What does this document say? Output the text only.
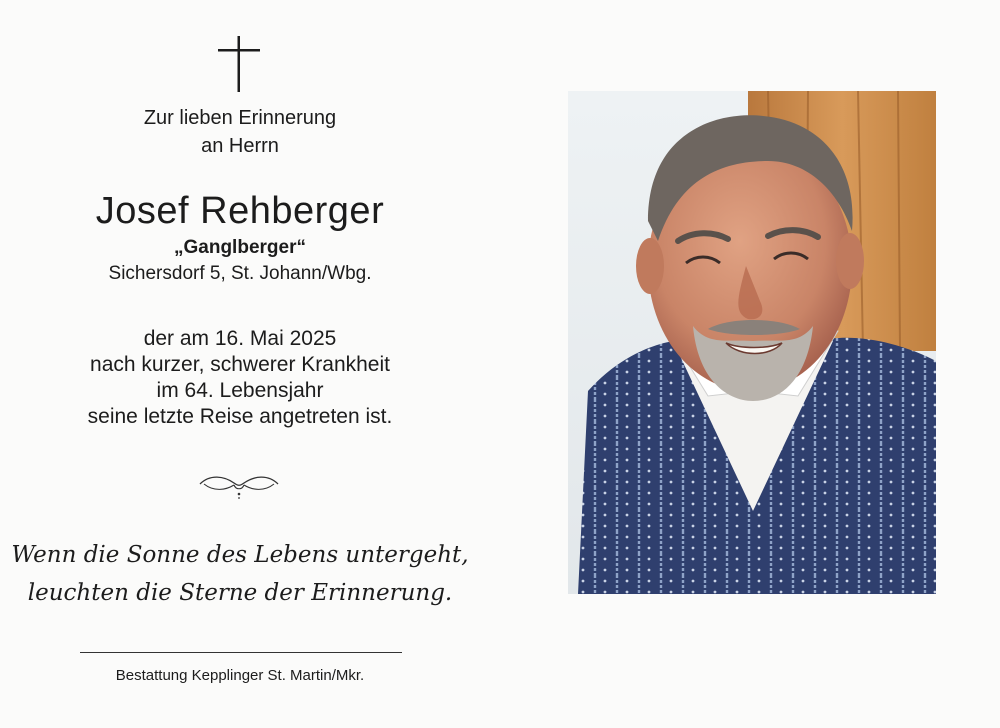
Zur lieben Erinnerung
an Herrn
Josef Rehberger
„Ganglberger“
Sichersdorf 5, St. Johann/Wbg.
der am 16. Mai 2025
nach kurzer, schwerer Krankheit
im 64. Lebensjahr
seine letzte Reise angetreten ist.
Wenn die Sonne des Lebens untergeht,
leuchten die Sterne der Erinnerung.
Bestattung Kepplinger St. Martin/Mkr.
